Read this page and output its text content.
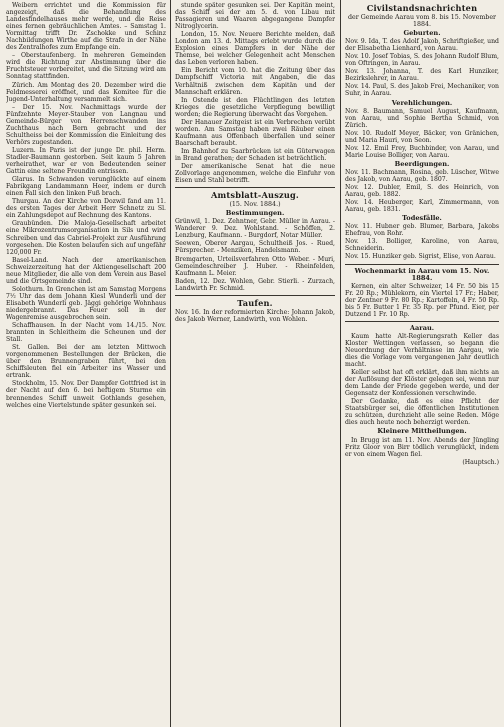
Weibern errichtet und die Kommission für angezeigt, daß die Behandlung des Landesfindelhauses mehr werde, und die Reise eines fernen gebräuchlichen Amtes. – Samstag 1. Vormittag trifft Dr. Zschokke und Schinz Nachbildungen Wirthe auf die Strafe in der Nähe des Zentralhofes zum Empfange ein.

– Oberstaufenberg. In mehreren Gemeinden wird die Richtung zur Abstimmung über die Fruchtsteuer vorbereitet, und die Sitzung wird am Sonntag stattfinden.

Zürich. Am Montag des 20. Dezember wird die Feldmesserei eröffnet, und das Komitee für die Jugend-Unterhaltung versammelt sich.

– Der 15. Nov. Nachmittags wurde der Fünfzehnte Meyer-Stauber von Langnau und Gemeinde-Bürger von Herrenschwanden ins Zuchthaus nach Bern gebracht und der Schultheiss bei der Kommission die Einleitung des Verhörs zugestanden.

Luzern. In Paris ist der junge Dr. phil. Herm. Stadler-Baumann gestorben. Seit kaum 5 Jahren verheirathet, war er von Bedeutenden seiner Gattin eine seltene Freundin entrissen.

Glarus. In Schwanden verunglückte auf einem Fabrikgang Landammann Heer, indem er durch einen Fall sich den linken Fuß brach.

Thurgau. An der Kirche von Dozwil fand am 11. des ersten Tages der Arbeit Herr Schnetz zu Sl. ein Zahlungsdepot auf Rechnung des Kantons.

Graubünden. Die Maloja-Gesellschaft arbeitet eine Mikrozentrumsorganisation in Sils und wird Schreiben und das Cabriel-Projekt zur Ausführung vorgesehen. Die Kosten belaufen sich auf ungefähr 120,000 Fr.

Basel-Land. Nach der amerikanischen Schweizerzeitung hat der Aktiengesellschaft 200 neue Mitglieder, die alle von dem Verein aus Basel und die Ortsgemeinde sind.

Solothurn. In Grenchen ist am Samstag Morgens 7½ Uhr das dem Johann Kiesl Wunderli und der Elisabeth Wunderli geb. Jäggi gehörige Wohnhaus niedergebrannt. Das Feuer soll in der Wagenremise ausgebrochen sein.

Schaffhausen. In der Nacht vom 14./15. Nov. brannten in Schleitheim die Scheunen und der Stall.

St. Gallen. Bei der am letzten Mittwoch vorgenommenen Bestellungen der Brücken, die über den Brunnengraben führt, bei den Schiffsleuten fiel ein Arbeiter ins Wasser und ertrank.

Stockholm, 15. Nov. Der Dampfer Gottfried ist in der Nacht auf den 6. bei heftigem Sturme ein brennendes Schiff unweit Gothlands gesehen, welches eine Viertelstunde später gesunken sei.

stunde später gesunken sei. Der Kapitän meint, das Schiff sei der am 5. d. von Libau mit Passagieren und Waaren abgegangene Dampfer Nitroglycerin.

London, 15. Nov. Neuere Berichte melden, daß London am 13. d. Mittags erlebt wurde durch die Explosion eines Dampfers in der Nähe der Themse, bei welcher Gelegenheit acht Menschen das Leben verloren haben.

Ein Bericht vom 10. hat die Zeitung über das Dampfschiff Victoria mit Angaben, die das Verhältniß zwischen dem Kapitän und der Mannschaft erklären.

In Ostende ist den Flüchtlingen des letzten Krieges die gesetzliche Verpflegung bewilligt worden; die Regierung überwacht das Vorgehen.

Der Hanauer Zeitgeist ist ein Verbrechen verübt worden. Am Samstag haben zwei Räuber einen Kaufmann aus Offenbach überfallen und seiner Baarschaft beraubt.

Im Bahnhof zu Saarbrücken ist ein Güterwagen in Brand gerathen; der Schaden ist beträchtlich.

Der amerikanische Senat hat die neue Zollvorlage angenommen, welche die Einfuhr von Eisen und Stahl betrifft.

Amtsblatt-Auszug.
(15. Nov. 1884.)
Bestimmungen.

Grünwil, 1. Dez. Zehntner, Gebr. Müller in Aarau. - Wanderer 9. Dez. Wohlstand. - Schöffen, 2. Lenzburg, Kaufmann. - Burgdorf, Notar Müller.

Seewen, Oberer Aargau, Schultheiß Jos. - Rued, Fürsprecher. - Menziken, Handelsmann.

Bremgarten, Urteilsverfahren Otto Weber. - Muri, Gemeindeschreiber J. Huber. - Rheinfelden, Kaufmann L. Meier.

Baden, 12. Dez. Wohlen, Gebr. Stierli. - Zurzach, Landwirth Fr. Schmid.

Taufen.

Nov. 16. In der reformierten Kirche: Johann Jakob, des Jakob Werner, Landwirth, von Wohlen.

Civilstandsnachrichten
der Gemeinde Aarau vom 8. bis 15. November 1884.
Geburten.

Nov. 9. Ida, T. des Adolf Jakob, Schriftgießer, und der Elisabetha Lienhard, von Aarau.

Nov. 10. Josef Tobias, S. des Johann Rudolf Blum, von Oftringen, in Aarau.

Nov. 13. Johanna, T. des Karl Hunziker, Bezirkslehrer, in Aarau.

Nov. 14. Paul, S. des Jakob Frei, Mechaniker, von Suhr, in Aarau.

Verehlichungen.

Nov. 8. Baumann, Samuel August, Kaufmann, von Aarau, und Sophie Bertha Schmid, von Zürich.

Nov. 10. Rudolf Meyer, Bäcker, von Gränichen, und Maria Hauri, von Seon.

Nov. 12. Emil Frey, Buchbinder, von Aarau, und Marie Louise Bolliger, von Aarau.

Beerdigungen.

Nov. 11. Bachmann, Rosina, geb. Lüscher, Witwe des Jakob, von Aarau, geb. 1807.

Nov. 12. Dubler, Emil, S. des Heinrich, von Aarau, geb. 1882.

Nov. 14. Heuberger, Karl, Zimmermann, von Aarau, geb. 1831.

Todesfälle.

Nov. 11. Hubner geb. Blumer, Barbara, Jakobs Ehefrau, von Rohr.

Nov. 13. Bolliger, Karoline, von Aarau, Schneiderin.

Nov. 15. Hunziker geb. Sigrist, Elise, von Aarau.

Wochenmarkt in Aarau vom 15. Nov. 1884.

Kernen, ein alter Schweizer, 14 Fr. 50 bis 15 Fr. 20 Rp.; Mühlekorn, ein Viertel 17 Fr.; Haber, der Zentner 9 Fr. 80 Rp.; Kartoffeln, 4 Fr. 50 Rp. bis 5 Fr. Butter 1 Fr. 35 Rp. per Pfund. Eier, per Dutzend 1 Fr. 10 Rp.

Aarau.

Kaum hatte Alt-Regierungsrath Keller das Kloster Wettingen verlassen, so begann die Neuordnung der Verhältnisse im Aargau, wie dies die Vorlage vom vergangenen Jahr deutlich macht.

Keller selbst hat oft erklärt, daß ihm nichts an der Auflösung der Klöster gelegen sei, wenn nur dem Lande der Friede gegeben werde, und der Gegensatz der Konfessionen verschwinde.

Der Gedanke, daß es eine Pflicht der Staatsbürger sei, die öffentlichen Institutionen zu schützen, durchzieht alle seine Reden. Möge dies auch heute noch beherzigt werden.

Kleinere Mittheilungen.

In Brugg ist am 11. Nov. Abends der Jüngling Fritz Gloor von Birr tödlich verunglückt, indem er von einem Wagen fiel.

(Hauptsch.)
